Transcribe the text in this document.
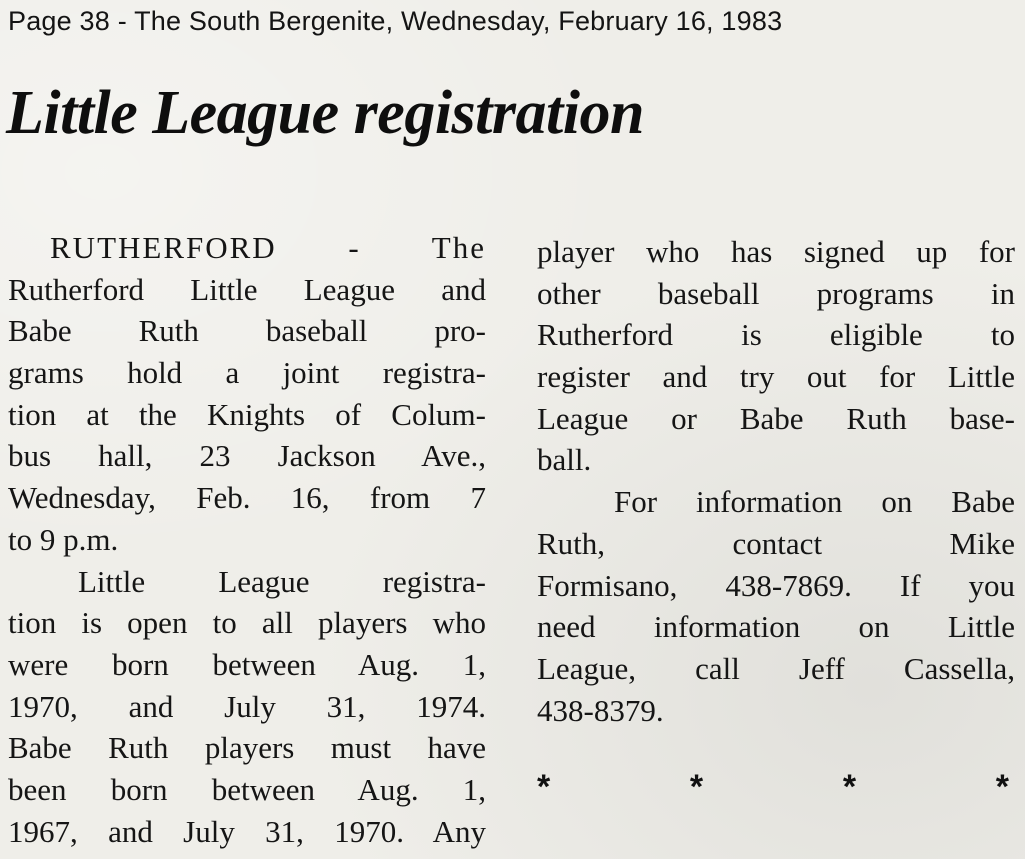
Page 38 - The South Bergenite, Wednesday, February 16, 1983
Little League registration
RUTHERFORD - The
Rutherford Little League and
Babe Ruth baseball pro-
grams hold a joint registra-
tion at the Knights of Colum-
bus hall, 23 Jackson Ave.,
Wednesday, Feb. 16, from 7
to 9 p.m.
Little League registra-
tion is open to all players who
were born between Aug. 1,
1970, and July 31, 1974.
Babe Ruth players must have
been born between Aug. 1,
1967, and July 31, 1970. Any
player who has signed up for
other baseball programs in
Rutherford is eligible to
register and try out for Little
League or Babe Ruth base-
ball.
For information on Babe
Ruth, contact Mike
Formisano, 438-7869. If you
need information on Little
League, call Jeff Cassella,
438-8379.
*	*	*	*
